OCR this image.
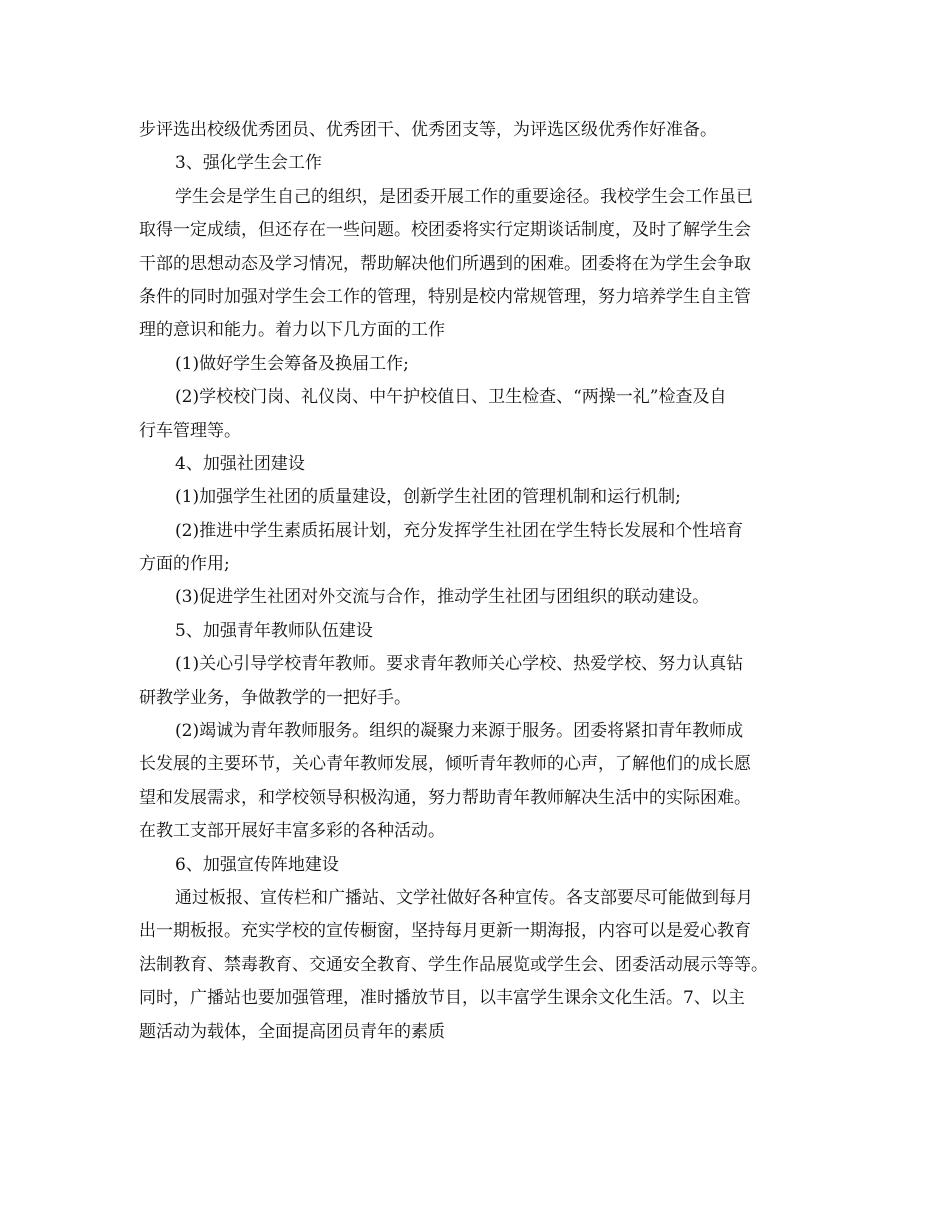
步评选出校级优秀团员、优秀团干、优秀团支等，为评选区级优秀作好准备。
3、强化学生会工作
学生会是学生自己的组织，是团委开展工作的重要途径。我校学生会工作虽已
取得一定成绩，但还存在一些问题。校团委将实行定期谈话制度，及时了解学生会
干部的思想动态及学习情况，帮助解决他们所遇到的困难。团委将在为学生会争取
条件的同时加强对学生会工作的管理，特别是校内常规管理，努力培养学生自主管
理的意识和能力。着力以下几方面的工作
(1)做好学生会筹备及换届工作;
(2)学校校门岗、礼仪岗、中午护校值日、卫生检查、“两操一礼”检查及自
行车管理等。
4、加强社团建设
(1)加强学生社团的质量建设，创新学生社团的管理机制和运行机制;
(2)推进中学生素质拓展计划，充分发挥学生社团在学生特长发展和个性培育
方面的作用;
(3)促进学生社团对外交流与合作，推动学生社团与团组织的联动建设。
5、加强青年教师队伍建设
(1)关心引导学校青年教师。要求青年教师关心学校、热爱学校、努力认真钻
研教学业务，争做教学的一把好手。
(2)竭诚为青年教师服务。组织的凝聚力来源于服务。团委将紧扣青年教师成
长发展的主要环节，关心青年教师发展，倾听青年教师的心声，了解他们的成长愿
望和发展需求，和学校领导积极沟通，努力帮助青年教师解决生活中的实际困难。
在教工支部开展好丰富多彩的各种活动。
6、加强宣传阵地建设
通过板报、宣传栏和广播站、文学社做好各种宣传。各支部要尽可能做到每月
出一期板报。充实学校的宣传橱窗，坚持每月更新一期海报，内容可以是爱心教育
法制教育、禁毒教育、交通安全教育、学生作品展览或学生会、团委活动展示等等。
同时，广播站也要加强管理，准时播放节目，以丰富学生课余文化生活。7、以主
题活动为载体，全面提高团员青年的素质
